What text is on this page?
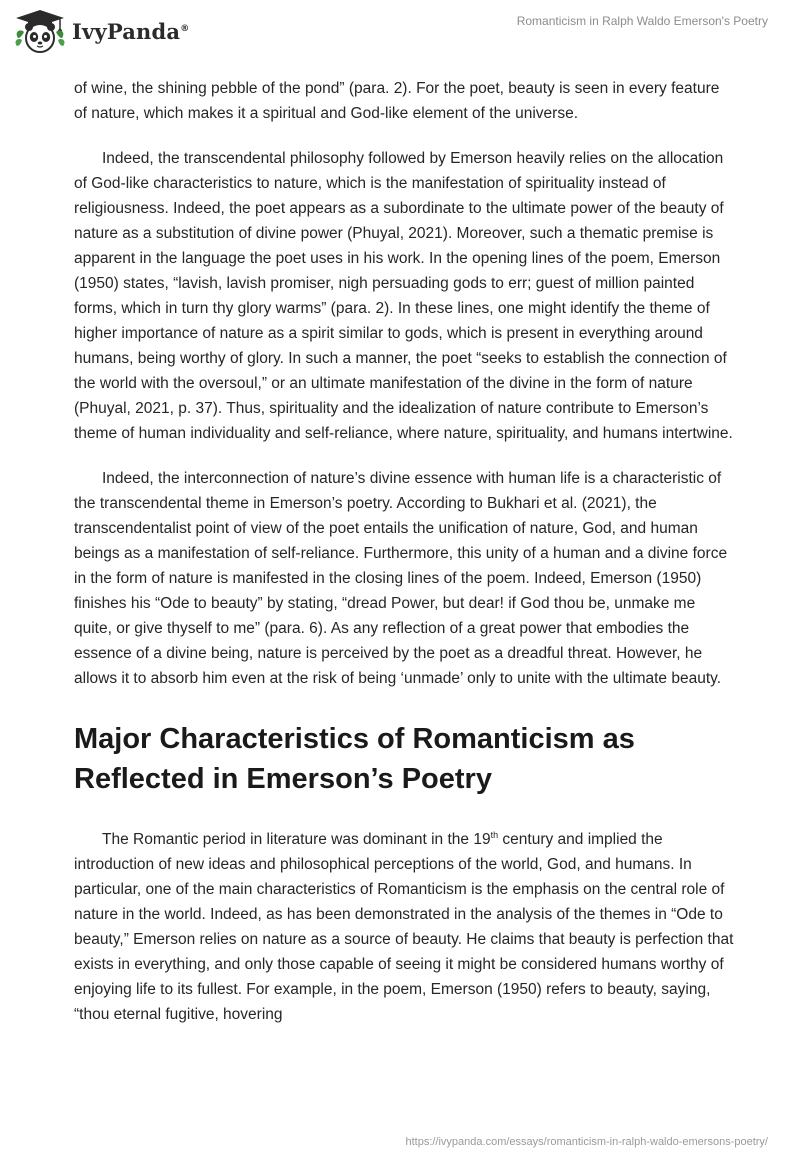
IvyPanda®
Romanticism in Ralph Waldo Emerson's Poetry

of wine, the shining pebble of the pond” (para. 2). For the poet, beauty is seen in every feature of nature, which makes it a spiritual and God-like element of the universe.

Indeed, the transcendental philosophy followed by Emerson heavily relies on the allocation of God-like characteristics to nature, which is the manifestation of spirituality instead of religiousness. Indeed, the poet appears as a subordinate to the ultimate power of the beauty of nature as a substitution of divine power (Phuyal, 2021). Moreover, such a thematic premise is apparent in the language the poet uses in his work. In the opening lines of the poem, Emerson (1950) states, “lavish, lavish promiser, nigh persuading gods to err; guest of million painted forms, which in turn thy glory warms” (para. 2). In these lines, one might identify the theme of higher importance of nature as a spirit similar to gods, which is present in everything around humans, being worthy of glory. In such a manner, the poet “seeks to establish the connection of the world with the oversoul,” or an ultimate manifestation of the divine in the form of nature (Phuyal, 2021, p. 37). Thus, spirituality and the idealization of nature contribute to Emerson’s theme of human individuality and self-reliance, where nature, spirituality, and humans intertwine.

Indeed, the interconnection of nature’s divine essence with human life is a characteristic of the transcendental theme in Emerson’s poetry. According to Bukhari et al. (2021), the transcendentalist point of view of the poet entails the unification of nature, God, and human beings as a manifestation of self-reliance. Furthermore, this unity of a human and a divine force in the form of nature is manifested in the closing lines of the poem. Indeed, Emerson (1950) finishes his “Ode to beauty” by stating, “dread Power, but dear! if God thou be, unmake me quite, or give thyself to me” (para. 6). As any reflection of a great power that embodies the essence of a divine being, nature is perceived by the poet as a dreadful threat. However, he allows it to absorb him even at the risk of being ‘unmade’ only to unite with the ultimate beauty.

Major Characteristics of Romanticism as Reflected in Emerson’s Poetry

The Romantic period in literature was dominant in the 19th century and implied the introduction of new ideas and philosophical perceptions of the world, God, and humans. In particular, one of the main characteristics of Romanticism is the emphasis on the central role of nature in the world. Indeed, as has been demonstrated in the analysis of the themes in “Ode to beauty,” Emerson relies on nature as a source of beauty. He claims that beauty is perfection that exists in everything, and only those capable of seeing it might be considered humans worthy of enjoying life to its fullest. For example, in the poem, Emerson (1950) refers to beauty, saying, “thou eternal fugitive, hovering

https://ivypanda.com/essays/romanticism-in-ralph-waldo-emersons-poetry/
